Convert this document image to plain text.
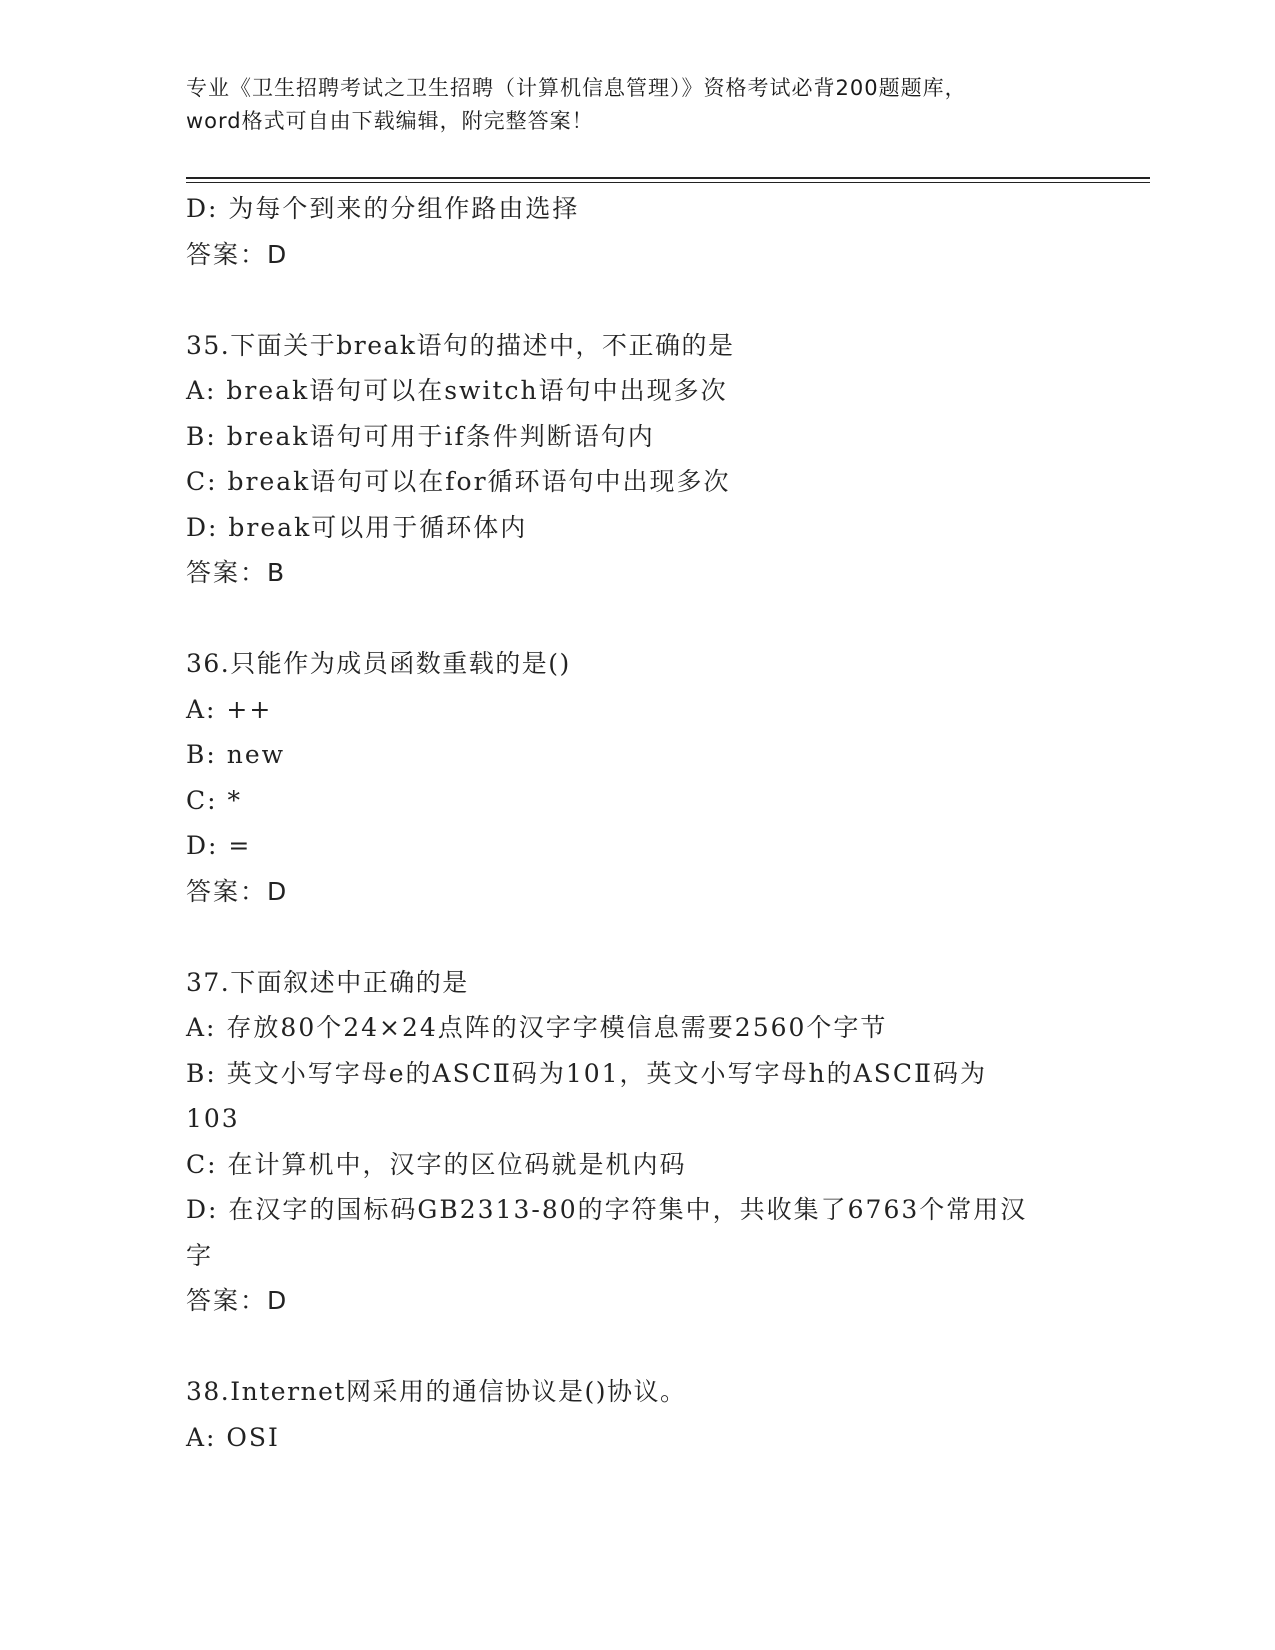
专业《卫生招聘考试之卫生招聘（计算机信息管理）》资格考试必背200题题库，
word格式可自由下载编辑，附完整答案！
D: 为每个到来的分组作路由选择
答案：D
35.下面关于break语句的描述中，不正确的是
A: break语句可以在switch语句中出现多次
B: break语句可用于if条件判断语句内
C: break语句可以在for循环语句中出现多次
D: break可以用于循环体内
答案：B
36.只能作为成员函数重载的是()
A: ++
B: new
C: *
D: =
答案：D
37.下面叙述中正确的是
A: 存放80个24×24点阵的汉字字模信息需要2560个字节
B: 英文小写字母e的ASCⅡ码为101，英文小写字母h的ASCⅡ码为
103
C: 在计算机中，汉字的区位码就是机内码
D: 在汉字的国标码GB2313-80的字符集中，共收集了6763个常用汉
字
答案：D
38.Internet网采用的通信协议是()协议。
A: OSI
